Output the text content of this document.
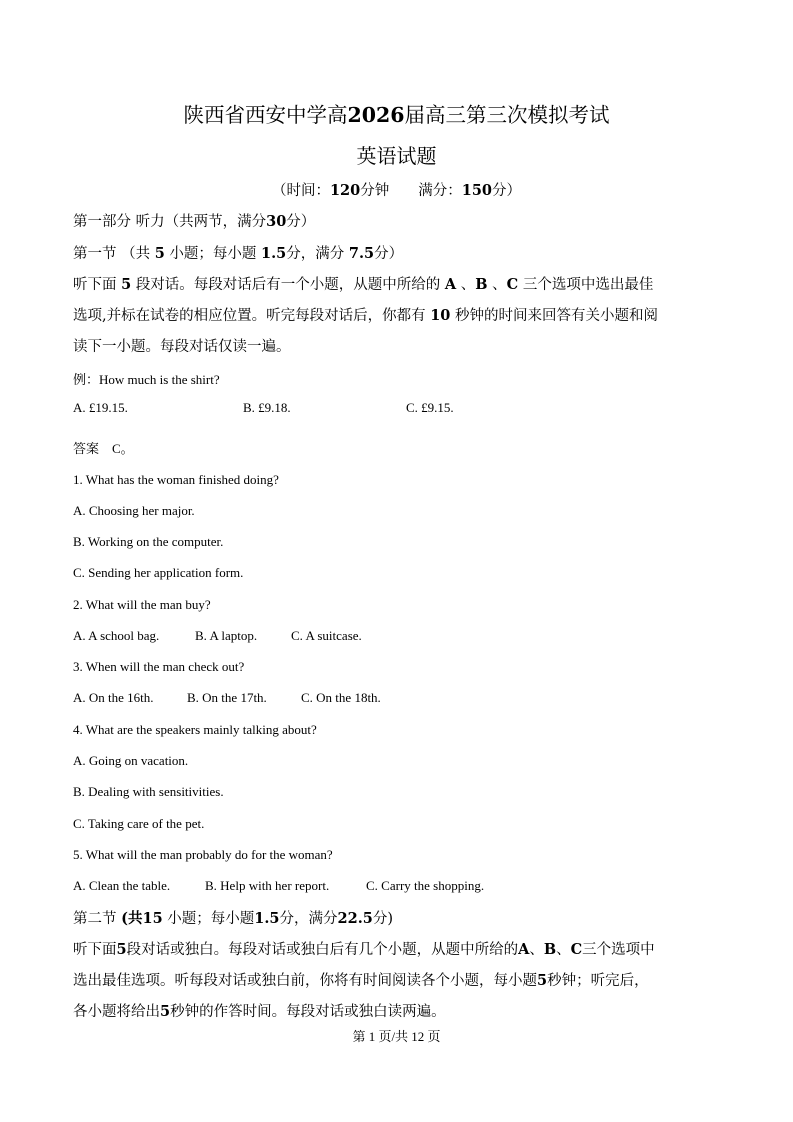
陕西省西安中学高2026届高三第三次模拟考试
英语试题
（时间：120分钟　　满分：150分）
第一部分 听力（共两节，满分30分）
第一节 （共 5 小题；每小题 1.5分，满分 7.5分）
听下面 5 段对话。每段对话后有一个小题，从题中所给的 A 、B 、C 三个选项中选出最佳
选项,并标在试卷的相应位置。听完每段对话后，你都有 10 秒钟的时间来回答有关小题和阅
读下一小题。每段对话仅读一遍。
例：How much is the shirt?
A. £19.15.	B. £9.18.	C. £9.15.
答案　C。
1. What has the woman finished doing?
A. Choosing her major.
B. Working on the computer.
C. Sending her application form.
2. What will the man buy?
A. A school bag.	B. A laptop.	C. A suitcase.
3. When will the man check out?
A. On the 16th.	B. On the 17th.	C. On the 18th.
4. What are the speakers mainly talking about?
A. Going on vacation.
B. Dealing with sensitivities.
C. Taking care of the pet.
5. What will the man probably do for the woman?
A. Clean the table.	B. Help with her report.	C. Carry the shopping.
第二节 (共15 小题；每小题1.5分，满分22.5分)
听下面5段对话或独白。每段对话或独白后有几个小题，从题中所给的A、B、C三个选项中
选出最佳选项。听每段对话或独白前，你将有时间阅读各个小题，每小题5秒钟；听完后，
各小题将给出5秒钟的作答时间。每段对话或独白读两遍。
第 1 页/共 12 页
